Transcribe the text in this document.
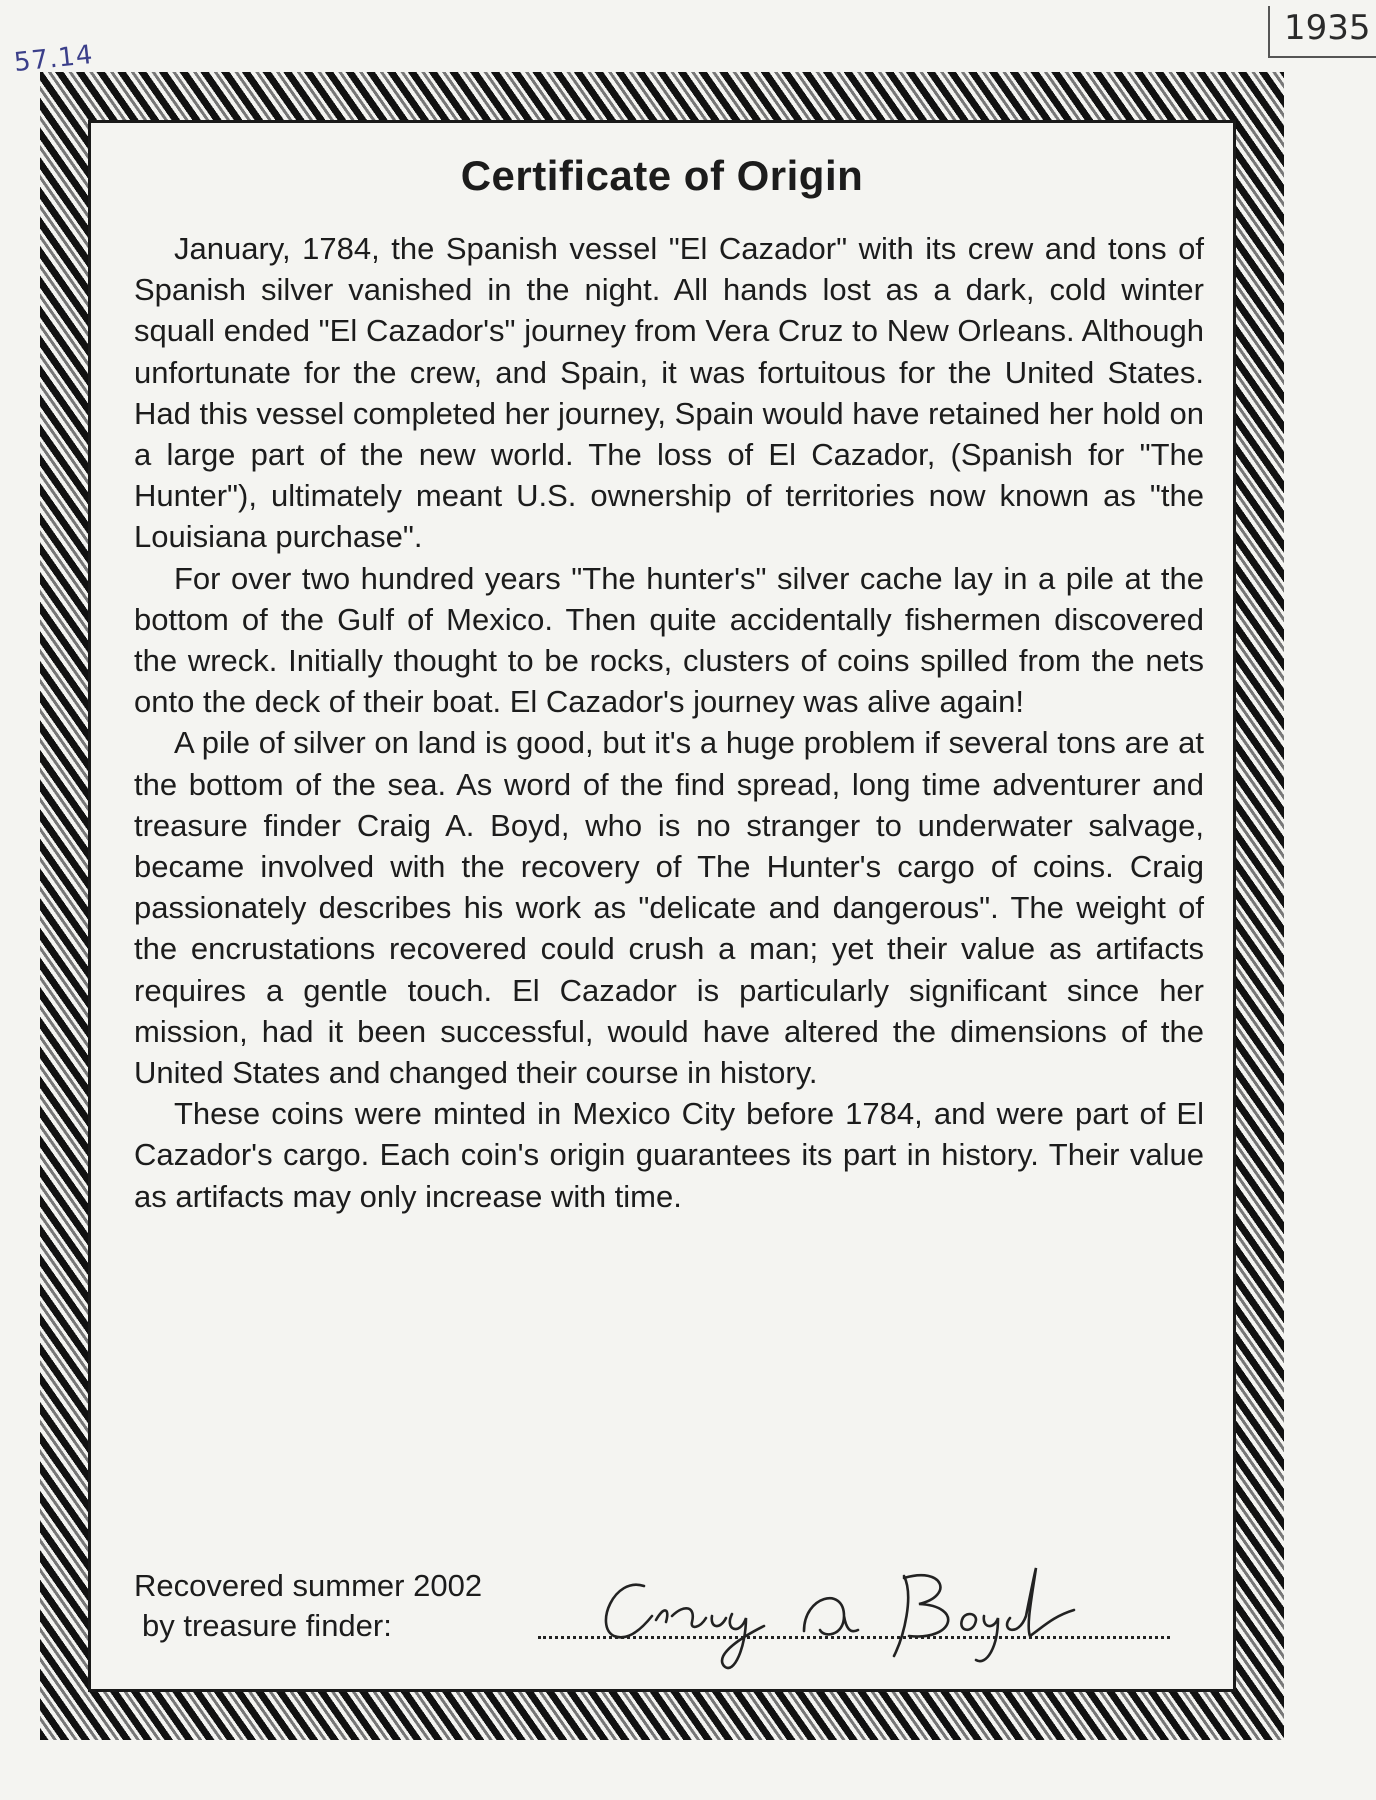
57.14
1935
Certificate of Origin

January, 1784, the Spanish vessel "El Cazador" with its crew and tons of Spanish silver vanished in the night. All hands lost as a dark, cold winter squall ended "El Cazador's" journey from Vera Cruz to New Orleans. Although unfortunate for the crew, and Spain, it was fortuitous for the United States. Had this vessel completed her journey, Spain would have retained her hold on a large part of the new world. The loss of El Cazador, (Spanish for "The Hunter"), ultimately meant U.S. ownership of territories now known as "the Louisiana purchase".

For over two hundred years "The hunter's" silver cache lay in a pile at the bottom of the Gulf of Mexico. Then quite accidentally fishermen discovered the wreck. Initially thought to be rocks, clusters of coins spilled from the nets onto the deck of their boat. El Cazador's journey was alive again!

A pile of silver on land is good, but it's a huge problem if several tons are at the bottom of the sea. As word of the find spread, long time adventurer and treasure finder Craig A. Boyd, who is no stranger to underwater salvage, became involved with the recovery of The Hunter's cargo of coins. Craig passionately describes his work as "delicate and dangerous". The weight of the encrustations recovered could crush a man; yet their value as artifacts requires a gentle touch. El Cazador is particularly significant since her mission, had it been successful, would have altered the dimensions of the United States and changed their course in history.

These coins were minted in Mexico City before 1784, and were part of El Cazador's cargo. Each coin's origin guarantees its part in history. Their value as artifacts may only increase with time.

Recovered summer 2002
by treasure finder:
